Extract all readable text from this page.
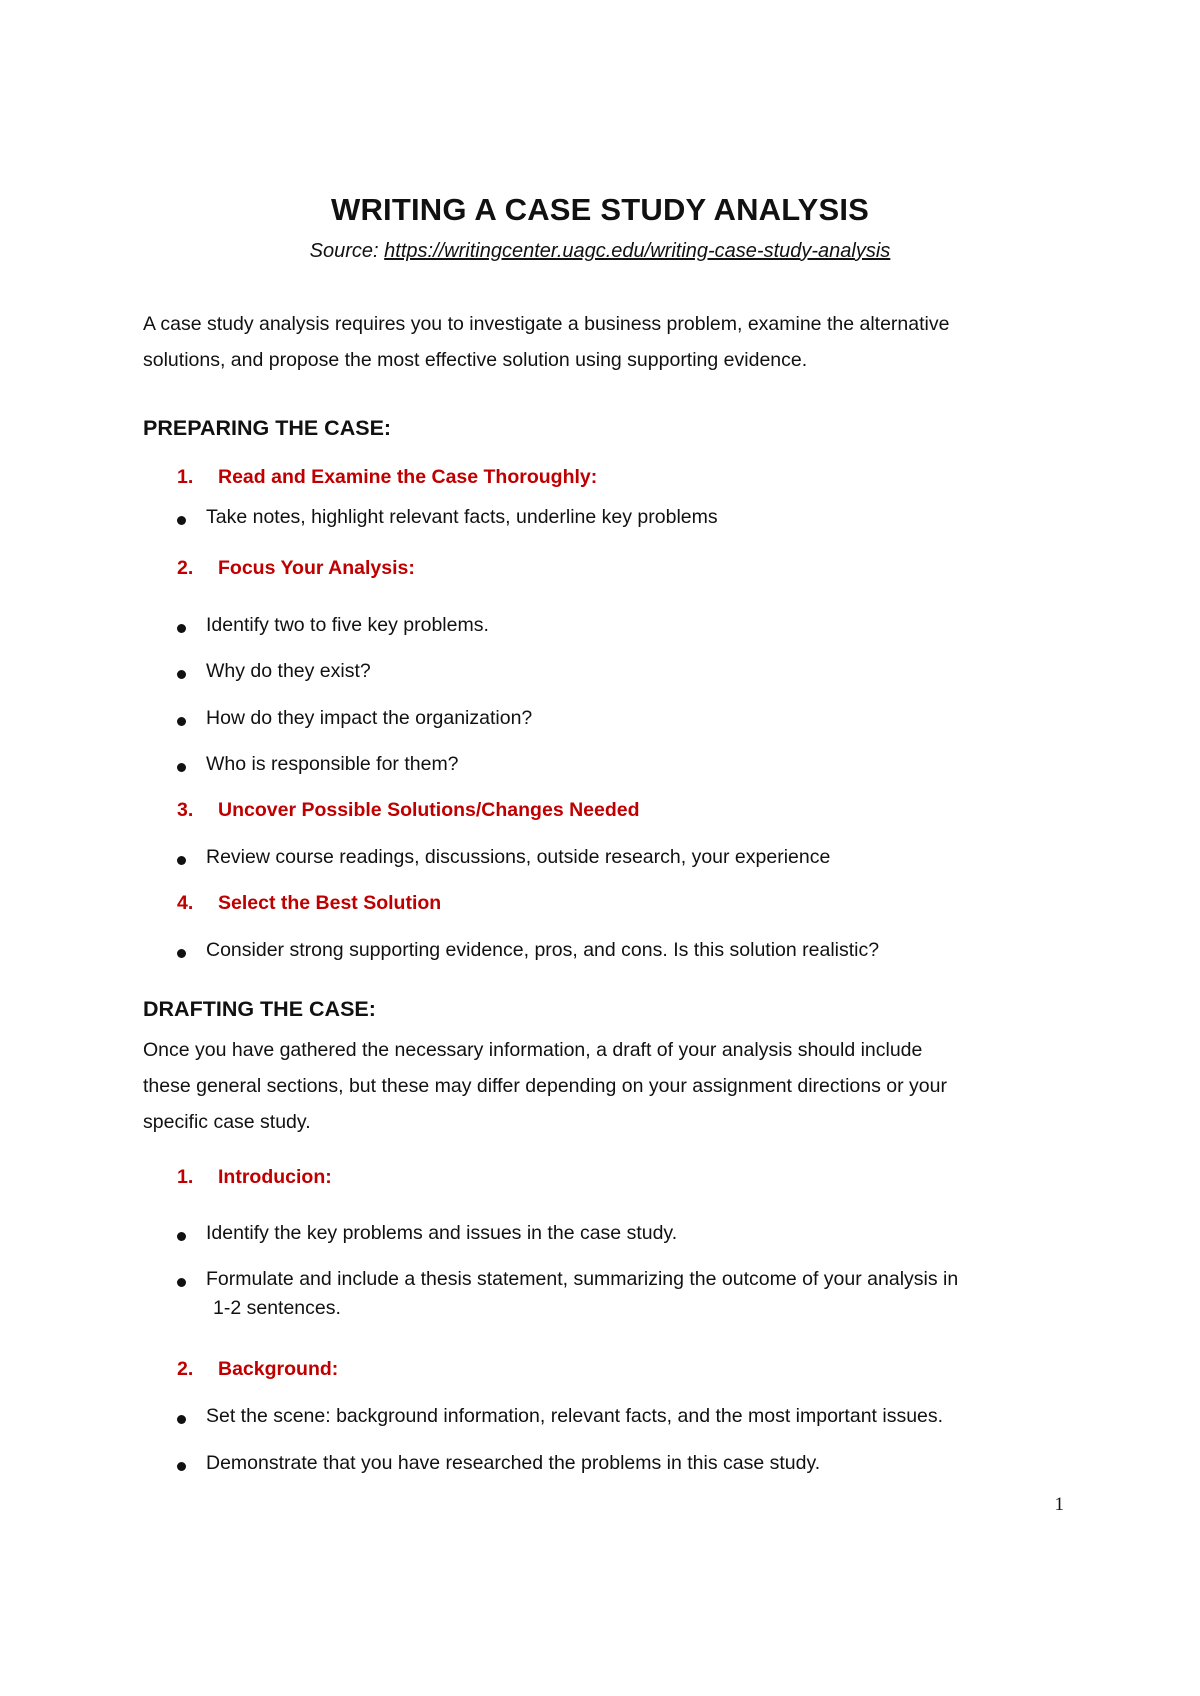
WRITING A CASE STUDY ANALYSIS

Source: https://writingcenter.uagc.edu/writing-case-study-analysis

A case study analysis requires you to investigate a business problem, examine the alternative

solutions, and propose the most effective solution using supporting evidence.

PREPARING THE CASE:

1. Read and Examine the Case Thoroughly:

Take notes, highlight relevant facts, underline key problems

2. Focus Your Analysis:

Identify two to five key problems.
Why do they exist?
How do they impact the organization?
Who is responsible for them?

3. Uncover Possible Solutions/Changes Needed

Review course readings, discussions, outside research, your experience

4. Select the Best Solution

Consider strong supporting evidence, pros, and cons. Is this solution realistic?

DRAFTING THE CASE:

Once you have gathered the necessary information, a draft of your analysis should include

these general sections, but these may differ depending on your assignment directions or your

specific case study.

1. Introducion:

Identify the key problems and issues in the case study.
Formulate and include a thesis statement, summarizing the outcome of your analysis in

1-2 sentences.

2. Background:

Set the scene: background information, relevant facts, and the most important issues.
Demonstrate that you have researched the problems in this case study.

1
